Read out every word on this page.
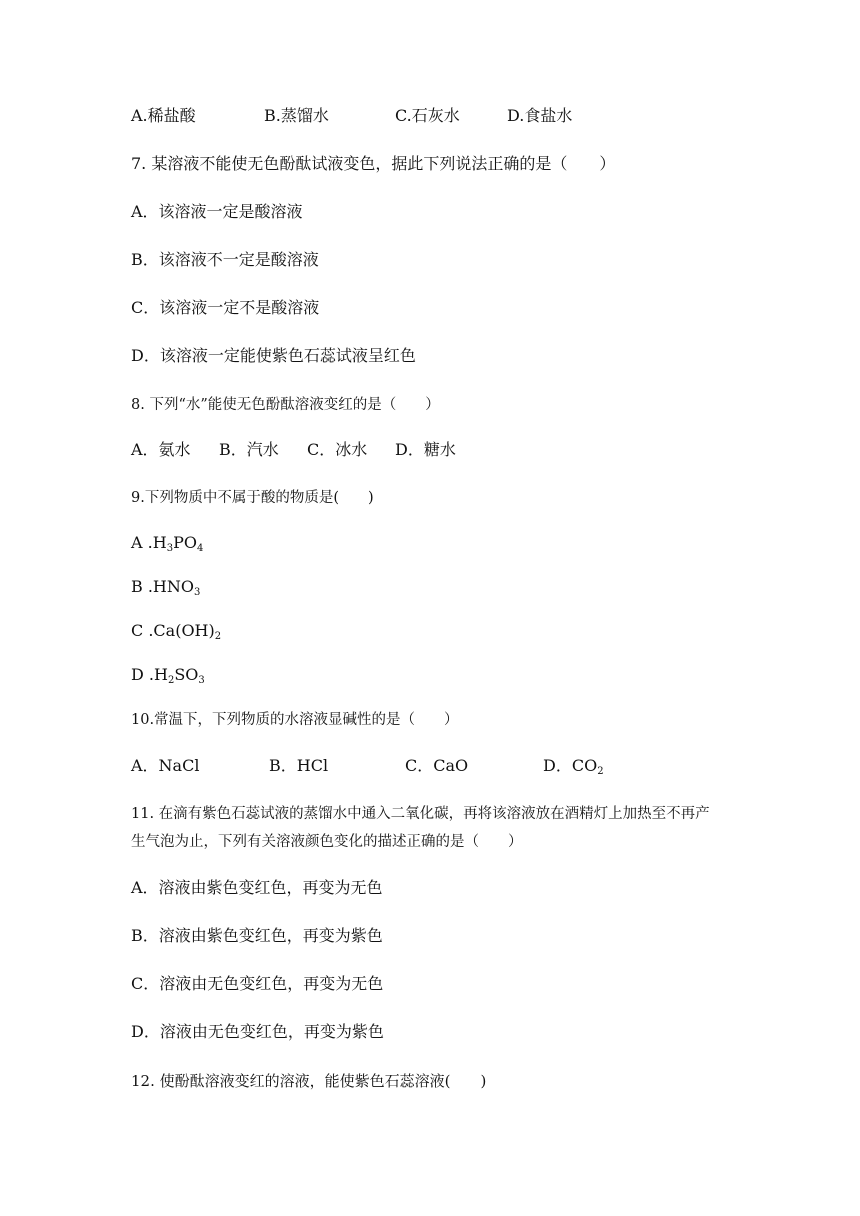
A.稀盐酸	B.蒸馏水	C.石灰水	D.食盐水
7. 某溶液不能使无色酚酞试液变色，据此下列说法正确的是（　　）
A．该溶液一定是酸溶液
B．该溶液不一定是酸溶液
C．该溶液一定不是酸溶液
D．该溶液一定能使紫色石蕊试液呈红色
8. 下列“水”能使无色酚酞溶液变红的是（　　）
A．氨水 B．汽水 C．冰水 D．糖水
9.下列物质中不属于酸的物质是(　　)
A $.H_3PO_4$
B $.HNO_3$
C $.Ca(OH)_2$
D $.H_2SO_3$
10.常温下，下列物质的水溶液显碱性的是（　　）
A．NaCl	B．HCl	C．CaO	D．$CO_2$
11. 在滴有紫色石蕊试液的蒸馏水中通入二氧化碳，再将该溶液放在酒精灯上加热至不再产
生气泡为止，下列有关溶液颜色变化的描述正确的是（　　）
A．溶液由紫色变红色，再变为无色
B．溶液由紫色变红色，再变为紫色
C．溶液由无色变红色，再变为无色
D．溶液由无色变红色，再变为紫色
12. 使酚酞溶液变红的溶液，能使紫色石蕊溶液(　　)
